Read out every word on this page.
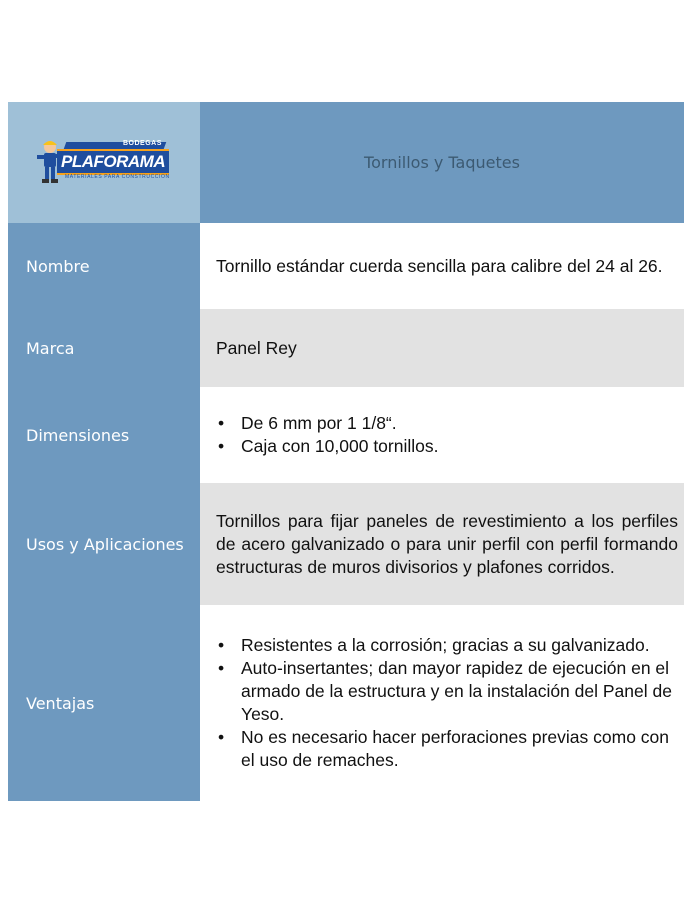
BODEGAS
PLAFORAMA
MATERIALES PARA CONSTRUCCION
Tornillos y Taquetes
Nombre	Tornillo estándar cuerda sencilla para calibre del 24 al 26.

Marca	Panel Rey

Dimensiones
• De 6 mm por 1 1/8“.
• Caja con 10,000 tornillos.
Usos y Aplicaciones

Tornillos para fijar paneles de revestimiento a los perfiles de acero galvanizado o para unir perfil con perfil formando estructuras de muros divisorios y plafones corridos.

Ventajas
• Resistentes a la corrosión; gracias a su galvanizado.
• Auto-insertantes; dan mayor rapidez de ejecución en el armado de la estructura y en la instalación del Panel de Yeso.
• No es necesario hacer perforaciones previas como con el uso de remaches.
